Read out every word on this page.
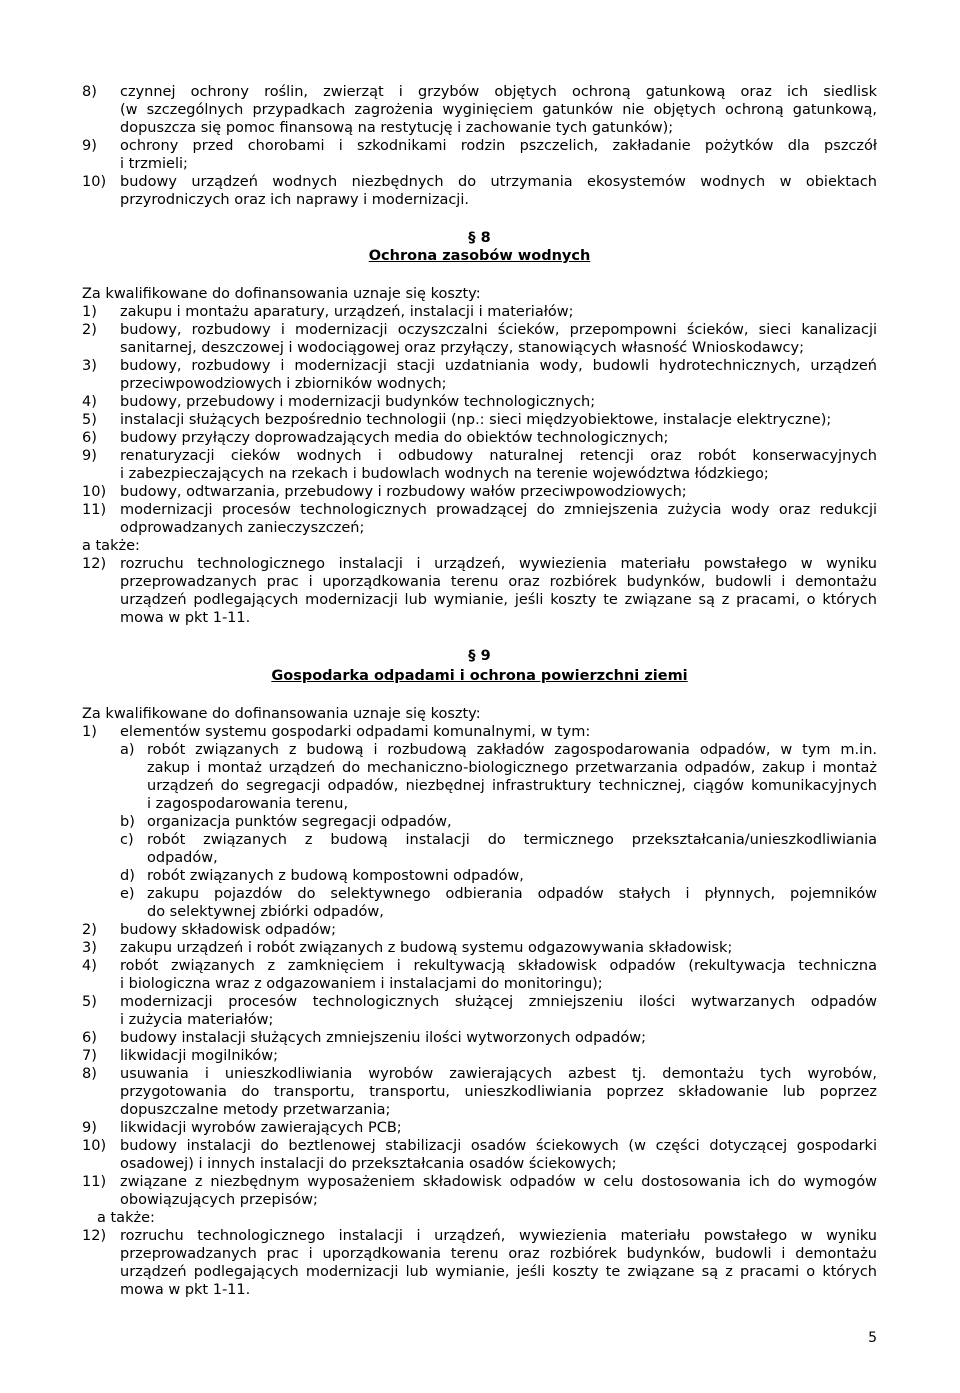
8) czynnej ochrony roślin, zwierząt i grzybów objętych ochroną gatunkową oraz ich siedlisk
(w szczególnych przypadkach zagrożenia wyginięciem gatunków nie objętych ochroną gatunkową,
dopuszcza się pomoc finansową na restytucję i zachowanie tych gatunków);
9) ochrony przed chorobami i szkodnikami rodzin pszczelich, zakładanie pożytków dla pszczół
i trzmieli;
10) budowy urządzeń wodnych niezbędnych do utrzymania ekosystemów wodnych w obiektach
przyrodniczych oraz ich naprawy i modernizacji.
§ 8
Ochrona zasobów wodnych
Za kwalifikowane do dofinansowania uznaje się koszty:
1) zakupu i montażu aparatury, urządzeń, instalacji i materiałów;
2) budowy, rozbudowy i modernizacji oczyszczalni ścieków, przepompowni ścieków, sieci kanalizacji
sanitarnej, deszczowej i wodociągowej oraz przyłączy, stanowiących własność Wnioskodawcy;
3) budowy, rozbudowy i modernizacji stacji uzdatniania wody, budowli hydrotechnicznych, urządzeń
przeciwpowodziowych i zbiorników wodnych;
4) budowy, przebudowy i modernizacji budynków technologicznych;
5) instalacji służących bezpośrednio technologii (np.: sieci międzyobiektowe, instalacje elektryczne);
6) budowy przyłączy doprowadzających media do obiektów technologicznych;
9) renaturyzacji cieków wodnych i odbudowy naturalnej retencji oraz robót konserwacyjnych
i zabezpieczających na rzekach i budowlach wodnych na terenie województwa łódzkiego;
10) budowy, odtwarzania, przebudowy i rozbudowy wałów przeciwpowodziowych;
11) modernizacji procesów technologicznych prowadzącej do zmniejszenia zużycia wody oraz redukcji
odprowadzanych zanieczyszczeń;
a także:
12) rozruchu technologicznego instalacji i urządzeń, wywiezienia materiału powstałego w wyniku
przeprowadzanych prac i uporządkowania terenu oraz rozbiórek budynków, budowli i demontażu
urządzeń podlegających modernizacji lub wymianie, jeśli koszty te związane są z pracami, o których
mowa w pkt 1-11.
§ 9
Gospodarka odpadami i ochrona powierzchni ziemi
Za kwalifikowane do dofinansowania uznaje się koszty:
1) elementów systemu gospodarki odpadami komunalnymi, w tym:
a) robót związanych z budową i rozbudową zakładów zagospodarowania odpadów, w tym m.in.
zakup i montaż urządzeń do mechaniczno-biologicznego przetwarzania odpadów, zakup i montaż
urządzeń do segregacji odpadów, niezbędnej infrastruktury technicznej, ciągów komunikacyjnych
i zagospodarowania terenu,
b) organizacja punktów segregacji odpadów,
c) robót związanych z budową instalacji do termicznego przekształcania/unieszkodliwiania
odpadów,
d) robót związanych z budową kompostowni odpadów,
e) zakupu pojazdów do selektywnego odbierania odpadów stałych i płynnych, pojemników
do selektywnej zbiórki odpadów,
2) budowy składowisk odpadów;
3) zakupu urządzeń i robót związanych z budową systemu odgazowywania składowisk;
4) robót związanych z zamknięciem i rekultywacją składowisk odpadów (rekultywacja techniczna
i biologiczna wraz z odgazowaniem i instalacjami do monitoringu);
5) modernizacji procesów technologicznych służącej zmniejszeniu ilości wytwarzanych odpadów
i zużycia materiałów;
6) budowy instalacji służących zmniejszeniu ilości wytworzonych odpadów;
7) likwidacji mogilników;
8) usuwania i unieszkodliwiania wyrobów zawierających azbest tj. demontażu tych wyrobów,
przygotowania do transportu, transportu, unieszkodliwiania poprzez składowanie lub poprzez
dopuszczalne metody przetwarzania;
9) likwidacji wyrobów zawierających PCB;
10) budowy instalacji do beztlenowej stabilizacji osadów ściekowych (w części dotyczącej gospodarki
osadowej) i innych instalacji do przekształcania osadów ściekowych;
11) związane z niezbędnym wyposażeniem składowisk odpadów w celu dostosowania ich do wymogów
obowiązujących przepisów;
a także:
12) rozruchu technologicznego instalacji i urządzeń, wywiezienia materiału powstałego w wyniku
przeprowadzanych prac i uporządkowania terenu oraz rozbiórek budynków, budowli i demontażu
urządzeń podlegających modernizacji lub wymianie, jeśli koszty te związane są z pracami o których
mowa w pkt 1-11.
5
